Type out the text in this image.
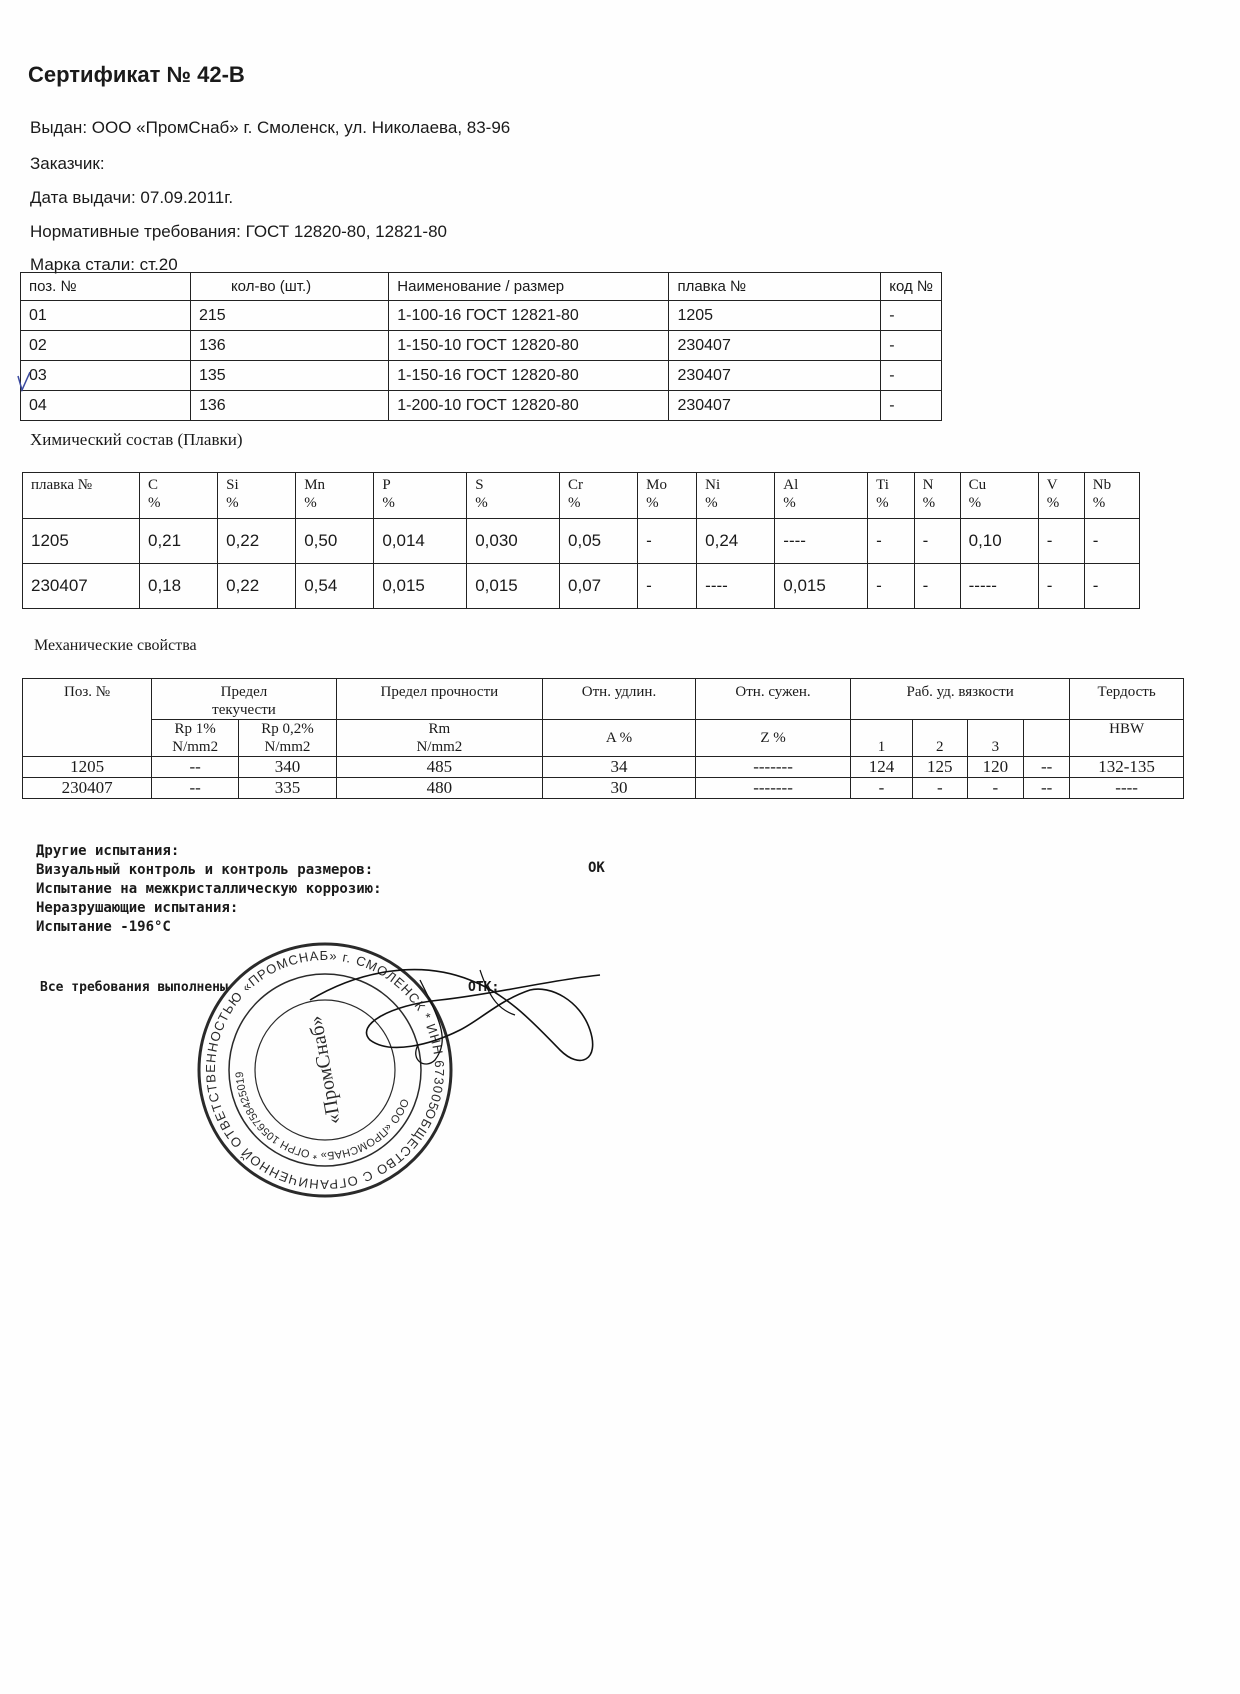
Сертификат № 42-В
Выдан: ООО «ПромСнаб» г. Смоленск, ул. Николаева, 83-96
Заказчик:
Дата выдачи: 07.09.2011г.
Нормативные требования: ГОСТ 12820-80, 12821-80
Марка стали: ст.20
поз. №	кол-во (шт.)	Наименование / размер	плавка №	код №
01	215	1-100-16 ГОСТ 12821-80	1205	-
02	136	1-150-10 ГОСТ 12820-80	230407	-
03	135	1-150-16 ГОСТ 12820-80	230407	-
04	136	1-200-10 ГОСТ 12820-80	230407	-
Химический состав (Плавки)
плавка №	C
%	Si
%	Mn
%	P
%	S
%	Cr
%	Mo
%	Ni
%	Al
%	Ti
%	N
%	Cu
%	V
%	Nb
%
1205	0,21	0,22	0,50	0,014	0,030	0,05	-	0,24	----	-	-	0,10	-	-
230407	0,18	0,22	0,54	0,015	0,015	0,07	-	----	0,015	-	-	-----	-	-
Механические свойства
Поз. №	Предел текучести	Предел прочности	Отн. удлин.	Отн. сужен.	Раб. уд. вязкости	Тердость
Rp 1%
N/mm2	Rp 0,2%
N/mm2	Rm
N/mm2	A %	Z %	1	2	3		HBW

1205	--	340	485	34	-------	124	125	120	--	132-135
230407	--	335	480	30	-------	-	-	-	--	----
Другие испытания:
Визуальный контроль и контроль размеров:	ОК
Испытание на межкристаллическую коррозию:
Неразрушающие испытания:
Испытание -196°С
Все требования выполнены	ОТК:
ОБЩЕСТВО С ОГРАНИЧЕННОЙ ОТВЕТСТВЕННОСТЬЮ «ПРОМСНАБ» г. СМОЛЕНСК * ИНН 6730058890
ООО «ПРОМСНАБ» * ОГРН 1056758425019	«ПромСнаб»
